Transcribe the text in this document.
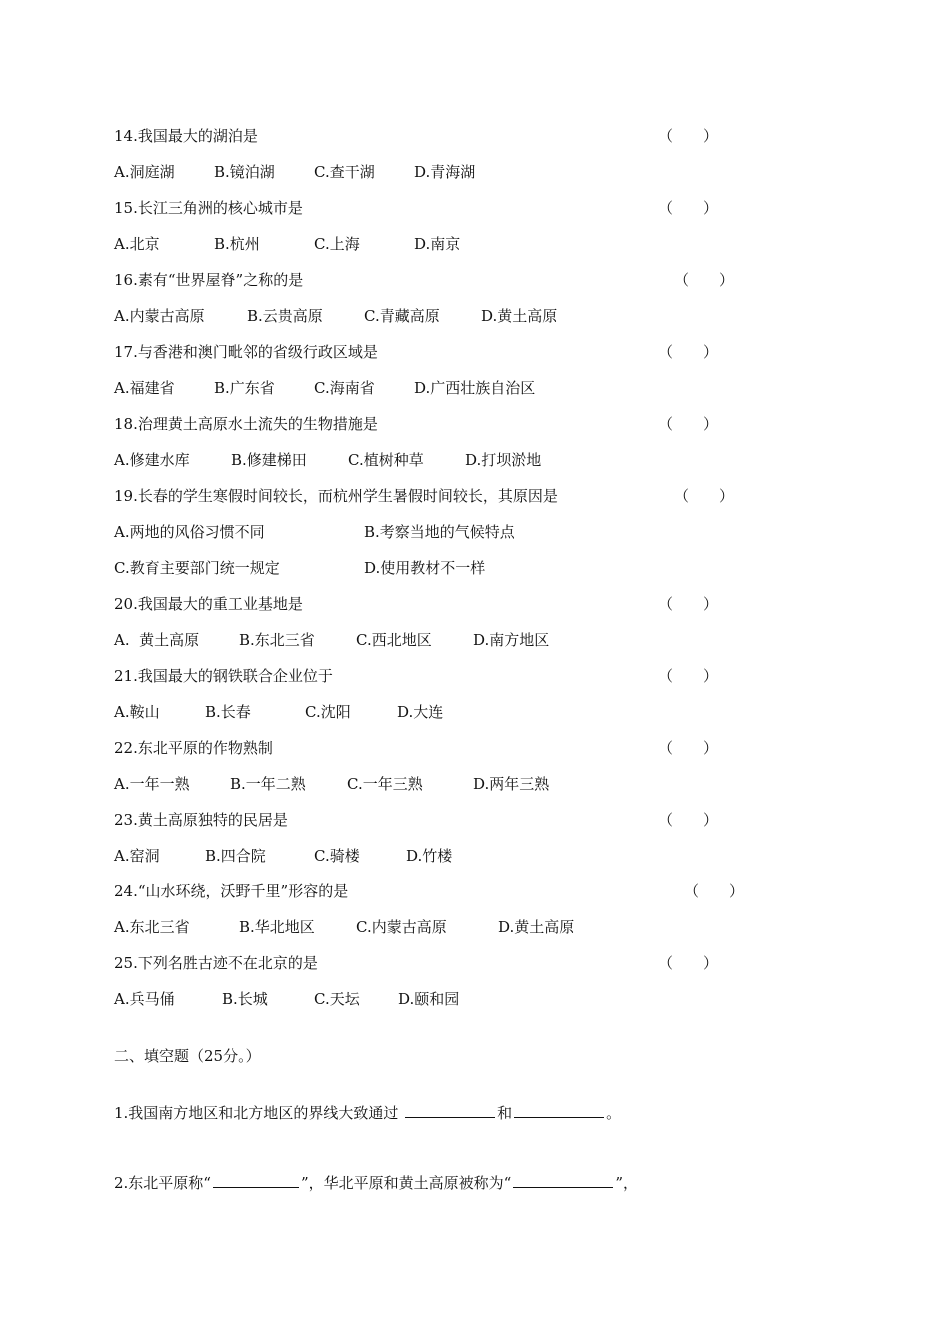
14.我国最大的湖泊是	（　　）
A.洞庭湖	B.镜泊湖	C.查干湖	D.青海湖
15.长江三角洲的核心城市是	（　　）
A.北京	B.杭州	C.上海	D.南京
16.素有“世界屋脊”之称的是	（　　）
A.内蒙古高原	B.云贵高原	C.青藏高原	D.黄土高原
17.与香港和澳门毗邻的省级行政区域是	（　　）
A.福建省	B.广东省	C.海南省	D.广西壮族自治区
18.治理黄土高原水土流失的生物措施是	（　　）
A.修建水库	B.修建梯田	C.植树种草	D.打坝淤地
19.长春的学生寒假时间较长，而杭州学生暑假时间较长，其原因是	（　　）
A.两地的风俗习惯不同	B.考察当地的气候特点
C.教育主要部门统一规定	D.使用教材不一样
20.我国最大的重工业基地是	（　　）
A.  黄土高原	B.东北三省	C.西北地区	D.南方地区
21.我国最大的钢铁联合企业位于	（　　）
A.鞍山	B.长春	C.沈阳	D.大连
22.东北平原的作物熟制	（　　）
A.一年一熟	B.一年二熟	C.一年三熟	D.两年三熟
23.黄土高原独特的民居是	（　　）
A.窑洞	B.四合院	C.骑楼	D.竹楼
24.“山水环绕，沃野千里”形容的是	（　　）
A.东北三省	B.华北地区	C.内蒙古高原	D.黄土高原
25.下列名胜古迹不在北京的是	（　　）
A.兵马俑	B.长城	C.天坛	D.颐和园
二、填空题（25分。）
1.我国南方地区和北方地区的界线大致通过	和	。
2.东北平原称“	”，华北平原和黄土高原被称为“	”，
